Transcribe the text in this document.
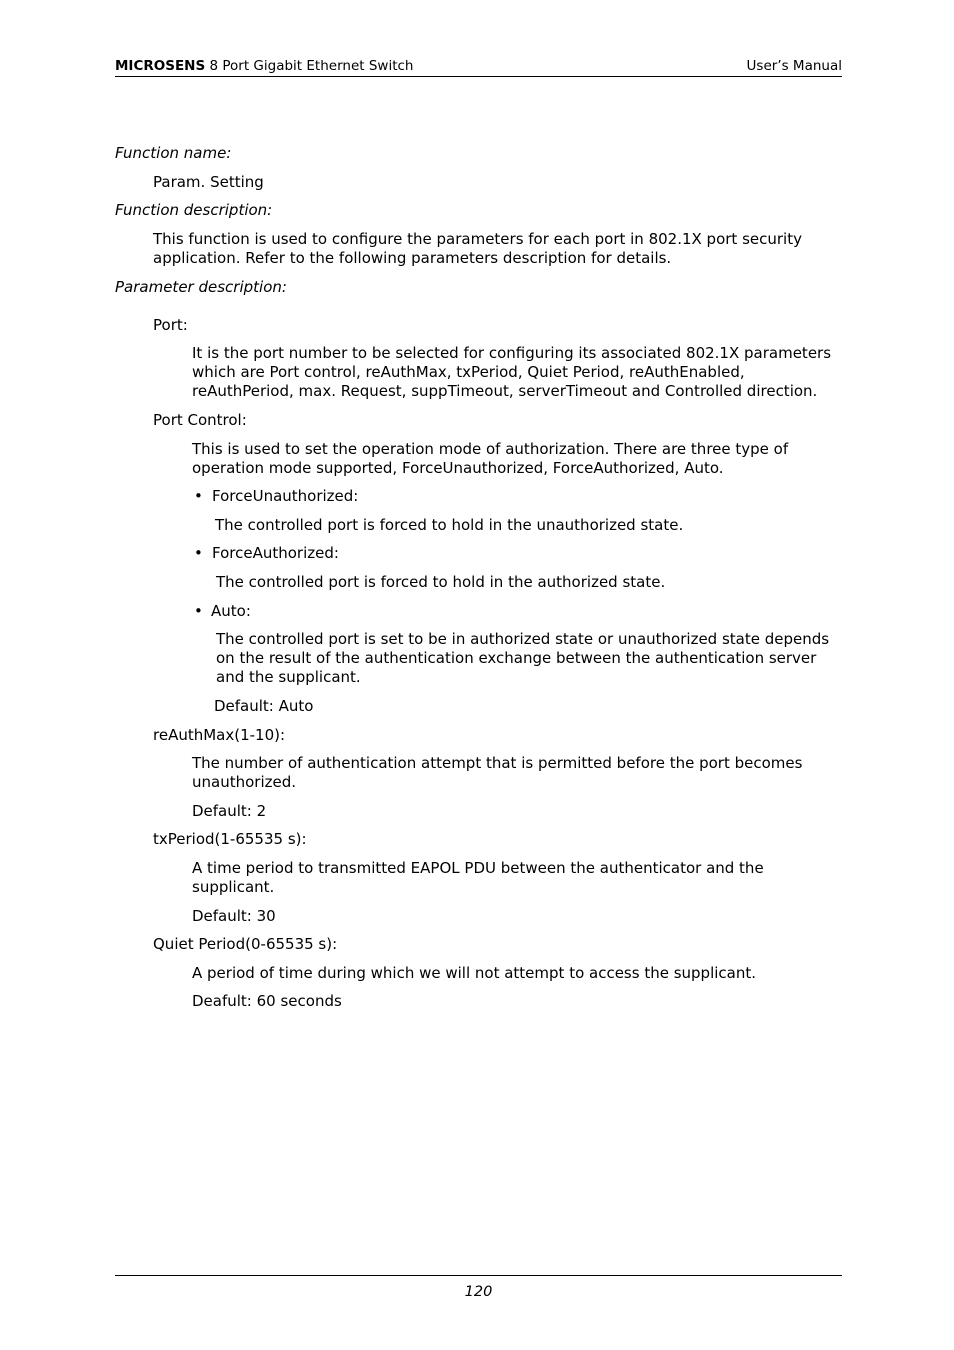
MICROSENS 8 Port Gigabit Ethernet Switch	User’s Manual
Function name:
Param. Setting
Function description:
This function is used to configure the parameters for each port in 802.1X port security
application. Refer to the following parameters description for details.
Parameter description:
Port:
It is the port number to be selected for configuring its associated 802.1X parameters
which are Port control, reAuthMax, txPeriod, Quiet Period, reAuthEnabled,
reAuthPeriod, max. Request, suppTimeout, serverTimeout and Controlled direction.
Port Control:
This is used to set the operation mode of authorization. There are three type of
operation mode supported, ForceUnauthorized, ForceAuthorized, Auto.
• ForceUnauthorized:
The controlled port is forced to hold in the unauthorized state.
• ForceAuthorized:
The controlled port is forced to hold in the authorized state.
• Auto:
The controlled port is set to be in authorized state or unauthorized state depends
on the result of the authentication exchange between the authentication server
and the supplicant.
Default: Auto
reAuthMax(1-10):
The number of authentication attempt that is permitted before the port becomes
unauthorized.
Default: 2
txPeriod(1-65535 s):
A time period to transmitted EAPOL PDU between the authenticator and the
supplicant.
Default: 30
Quiet Period(0-65535 s):
A period of time during which we will not attempt to access the supplicant.
Deafult: 60 seconds
120
